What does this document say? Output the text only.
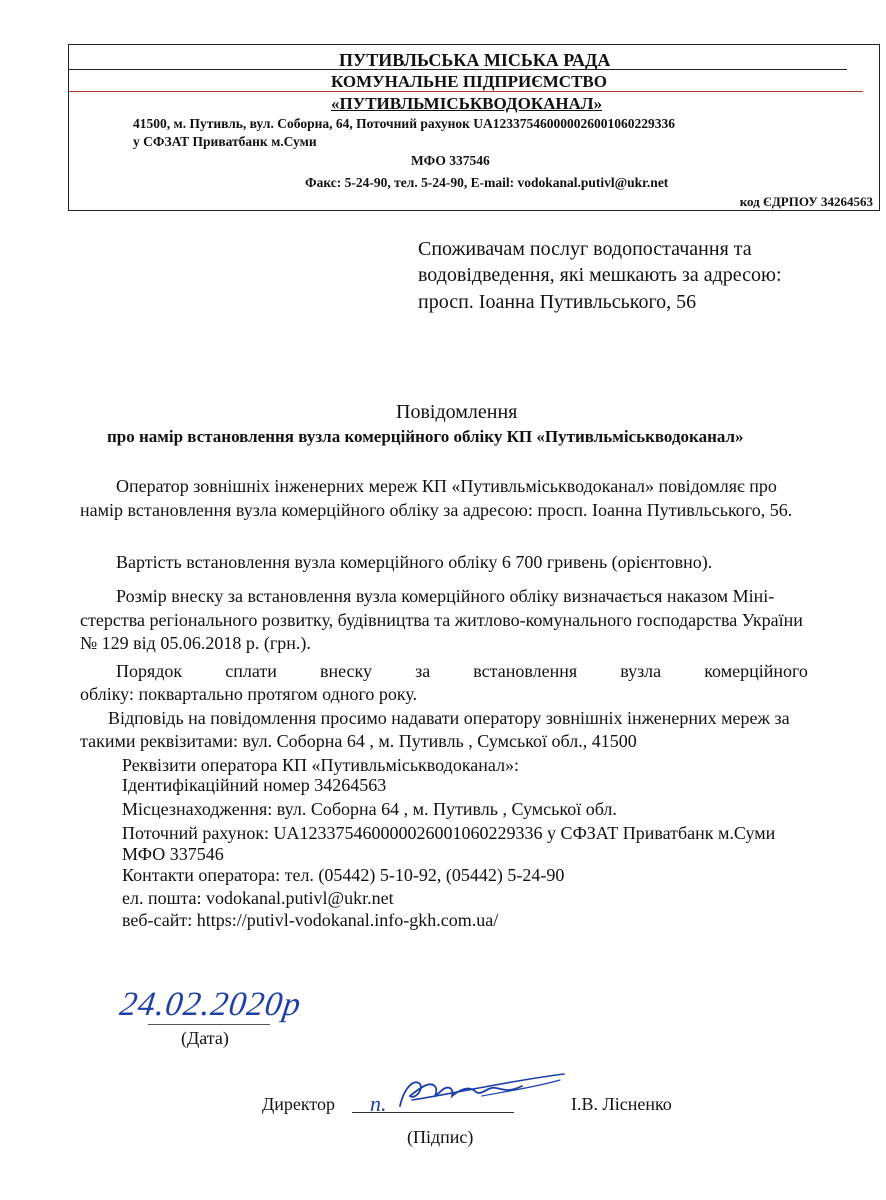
ПУТИВЛЬСЬКА МІСЬКА РАДА
КОМУНАЛЬНЕ ПІДПРИЄМСТВО
«ПУТИВЛЬМІСЬКВОДОКАНАЛ»
41500, м. Путивль, вул. Соборна, 64, Поточний рахунок UA123375460000026001060229336
у СФЗАТ Приватбанк м.Суми
МФО 337546
Факс: 5-24-90, тел. 5-24-90, E-mail: vodokanal.putivl@ukr.net
код ЄДРПОУ 34264563
Споживачам послуг водопостачання та
водовідведення, які мешкають за адресою:
просп. Іоанна Путивльського, 56
Повідомлення
про намір встановлення вузла комерційного обліку КП «Путивльміськводоканал»
Оператор зовнішніх інженерних мереж КП «Путивльміськводоканал» повідомляє про
намір встановлення вузла комерційного обліку за адресою: просп. Іоанна Путивльського, 56.
Вартість встановлення вузла комерційного обліку 6 700 гривень (орієнтовно).
Розмір внеску за встановлення вузла комерційного обліку визначається наказом Міні-
стерства регіонального розвитку, будівництва та житлово-комунального господарства України
№ 129 від 05.06.2018 р. (грн.).
Порядок сплати внеску за встановлення вузла комерційного
обліку: поквартально протягом одного року.
Відповідь на повідомлення просимо надавати оператору зовнішніх інженерних мереж за
такими реквізитами: вул. Соборна 64 , м. Путивль , Сумської обл., 41500
Реквізити оператора КП «Путивльміськводоканал»:
Ідентифікаційний номер 34264563
Місцезнаходження: вул. Соборна 64 , м. Путивль , Сумської обл.
Поточний рахунок: UA123375460000026001060229336 у СФЗАТ Приватбанк м.Суми
МФО 337546
Контакти оператора: тел. (05442) 5-10-92, (05442) 5-24-90
ел. пошта: vodokanal.putivl@ukr.net
веб-сайт: https://putivl-vodokanal.info-gkh.com.ua/
24.02.2020р
(Дата)
Директор п.	І.В. Лісненко
(Підпис)
